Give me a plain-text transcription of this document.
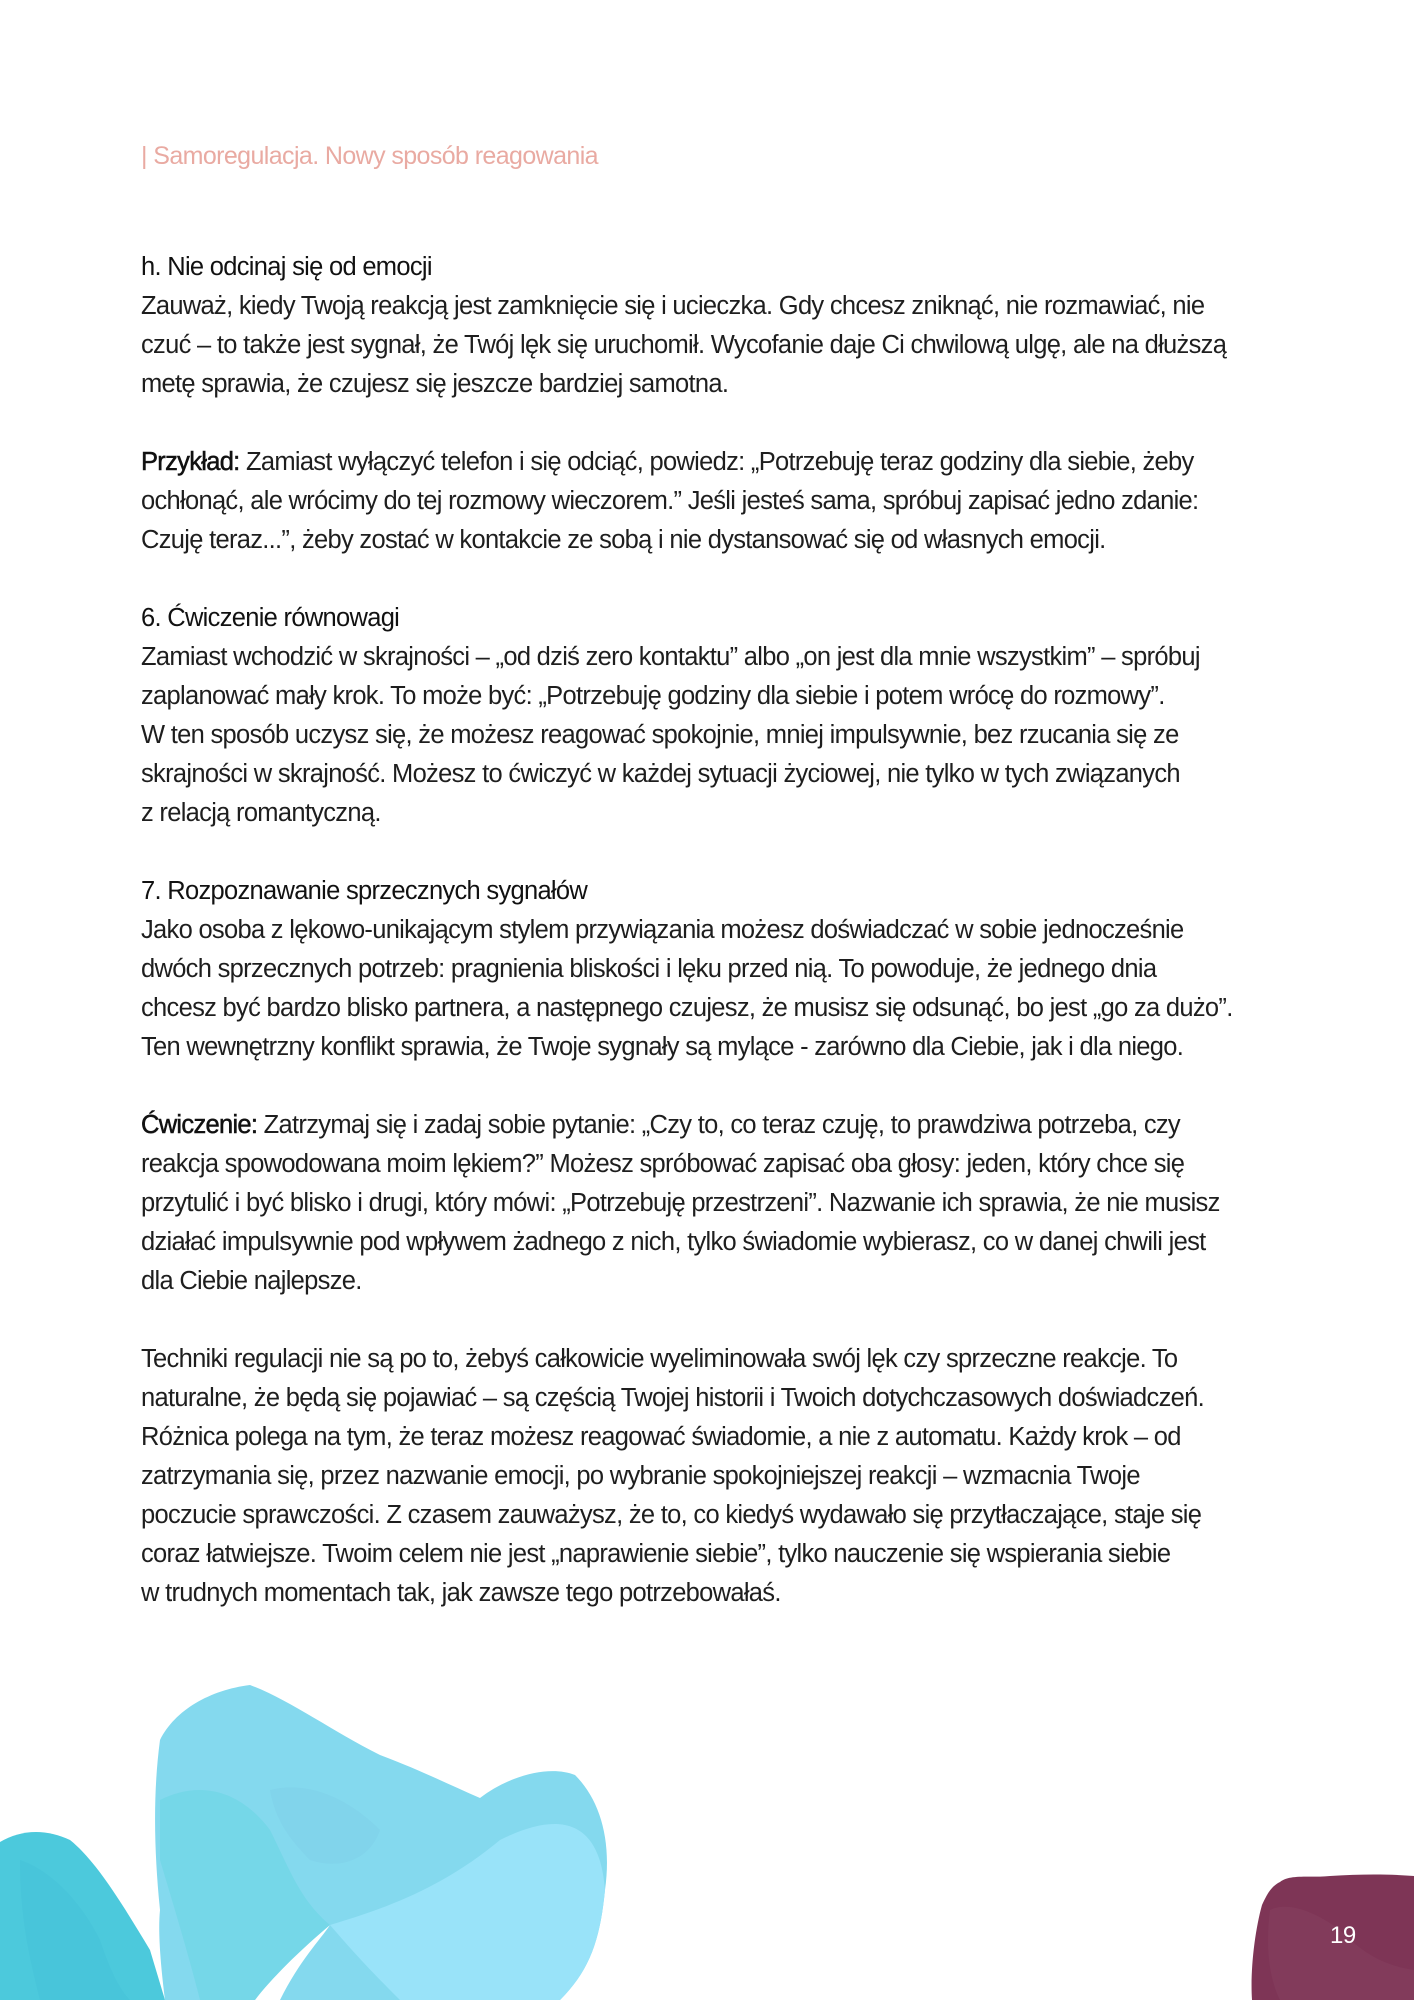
| Samoregulacja. Nowy sposób reagowania
h. Nie odcinaj się od emocji
Zauważ, kiedy Twoją reakcją jest zamknięcie się i ucieczka. Gdy chcesz zniknąć, nie rozmawiać, nie
czuć – to także jest sygnał, że Twój lęk się uruchomił. Wycofanie daje Ci chwilową ulgę, ale na dłuższą
metę sprawia, że czujesz się jeszcze bardziej samotna.
Przykład: Zamiast wyłączyć telefon i się odciąć, powiedz: „Potrzebuję teraz godziny dla siebie, żeby
ochłonąć, ale wrócimy do tej rozmowy wieczorem.” Jeśli jesteś sama, spróbuj zapisać jedno zdanie:
Czuję teraz...”, żeby zostać w kontakcie ze sobą i nie dystansować się od własnych emocji.
6. Ćwiczenie równowagi
Zamiast wchodzić w skrajności – „od dziś zero kontaktu” albo „on jest dla mnie wszystkim” – spróbuj
zaplanować mały krok. To może być: „Potrzebuję godziny dla siebie i potem wrócę do rozmowy”.
W ten sposób uczysz się, że możesz reagować spokojnie, mniej impulsywnie, bez rzucania się ze
skrajności w skrajność. Możesz to ćwiczyć w każdej sytuacji życiowej, nie tylko w tych związanych
z relacją romantyczną.
7. Rozpoznawanie sprzecznych sygnałów
Jako osoba z lękowo-unikającym stylem przywiązania możesz doświadczać w sobie jednocześnie
dwóch sprzecznych potrzeb: pragnienia bliskości i lęku przed nią. To powoduje, że jednego dnia
chcesz być bardzo blisko partnera, a następnego czujesz, że musisz się odsunąć, bo jest „go za dużo”.
Ten wewnętrzny konflikt sprawia, że Twoje sygnały są mylące - zarówno dla Ciebie, jak i dla niego.
Ćwiczenie: Zatrzymaj się i zadaj sobie pytanie: „Czy to, co teraz czuję, to prawdziwa potrzeba, czy
reakcja spowodowana moim lękiem?” Możesz spróbować zapisać oba głosy: jeden, który chce się
przytulić i być blisko i drugi, który mówi: „Potrzebuję przestrzeni”. Nazwanie ich sprawia, że nie musisz
działać impulsywnie pod wpływem żadnego z nich, tylko świadomie wybierasz, co w danej chwili jest
dla Ciebie najlepsze.
Techniki regulacji nie są po to, żebyś całkowicie wyeliminowała swój lęk czy sprzeczne reakcje. To
naturalne, że będą się pojawiać – są częścią Twojej historii i Twoich dotychczasowych doświadczeń.
Różnica polega na tym, że teraz możesz reagować świadomie, a nie z automatu. Każdy krok – od
zatrzymania się, przez nazwanie emocji, po wybranie spokojniejszej reakcji – wzmacnia Twoje
poczucie sprawczości. Z czasem zauważysz, że to, co kiedyś wydawało się przytłaczające, staje się
coraz łatwiejsze. Twoim celem nie jest „naprawienie siebie”, tylko nauczenie się wspierania siebie
w trudnych momentach tak, jak zawsze tego potrzebowałaś.
19
